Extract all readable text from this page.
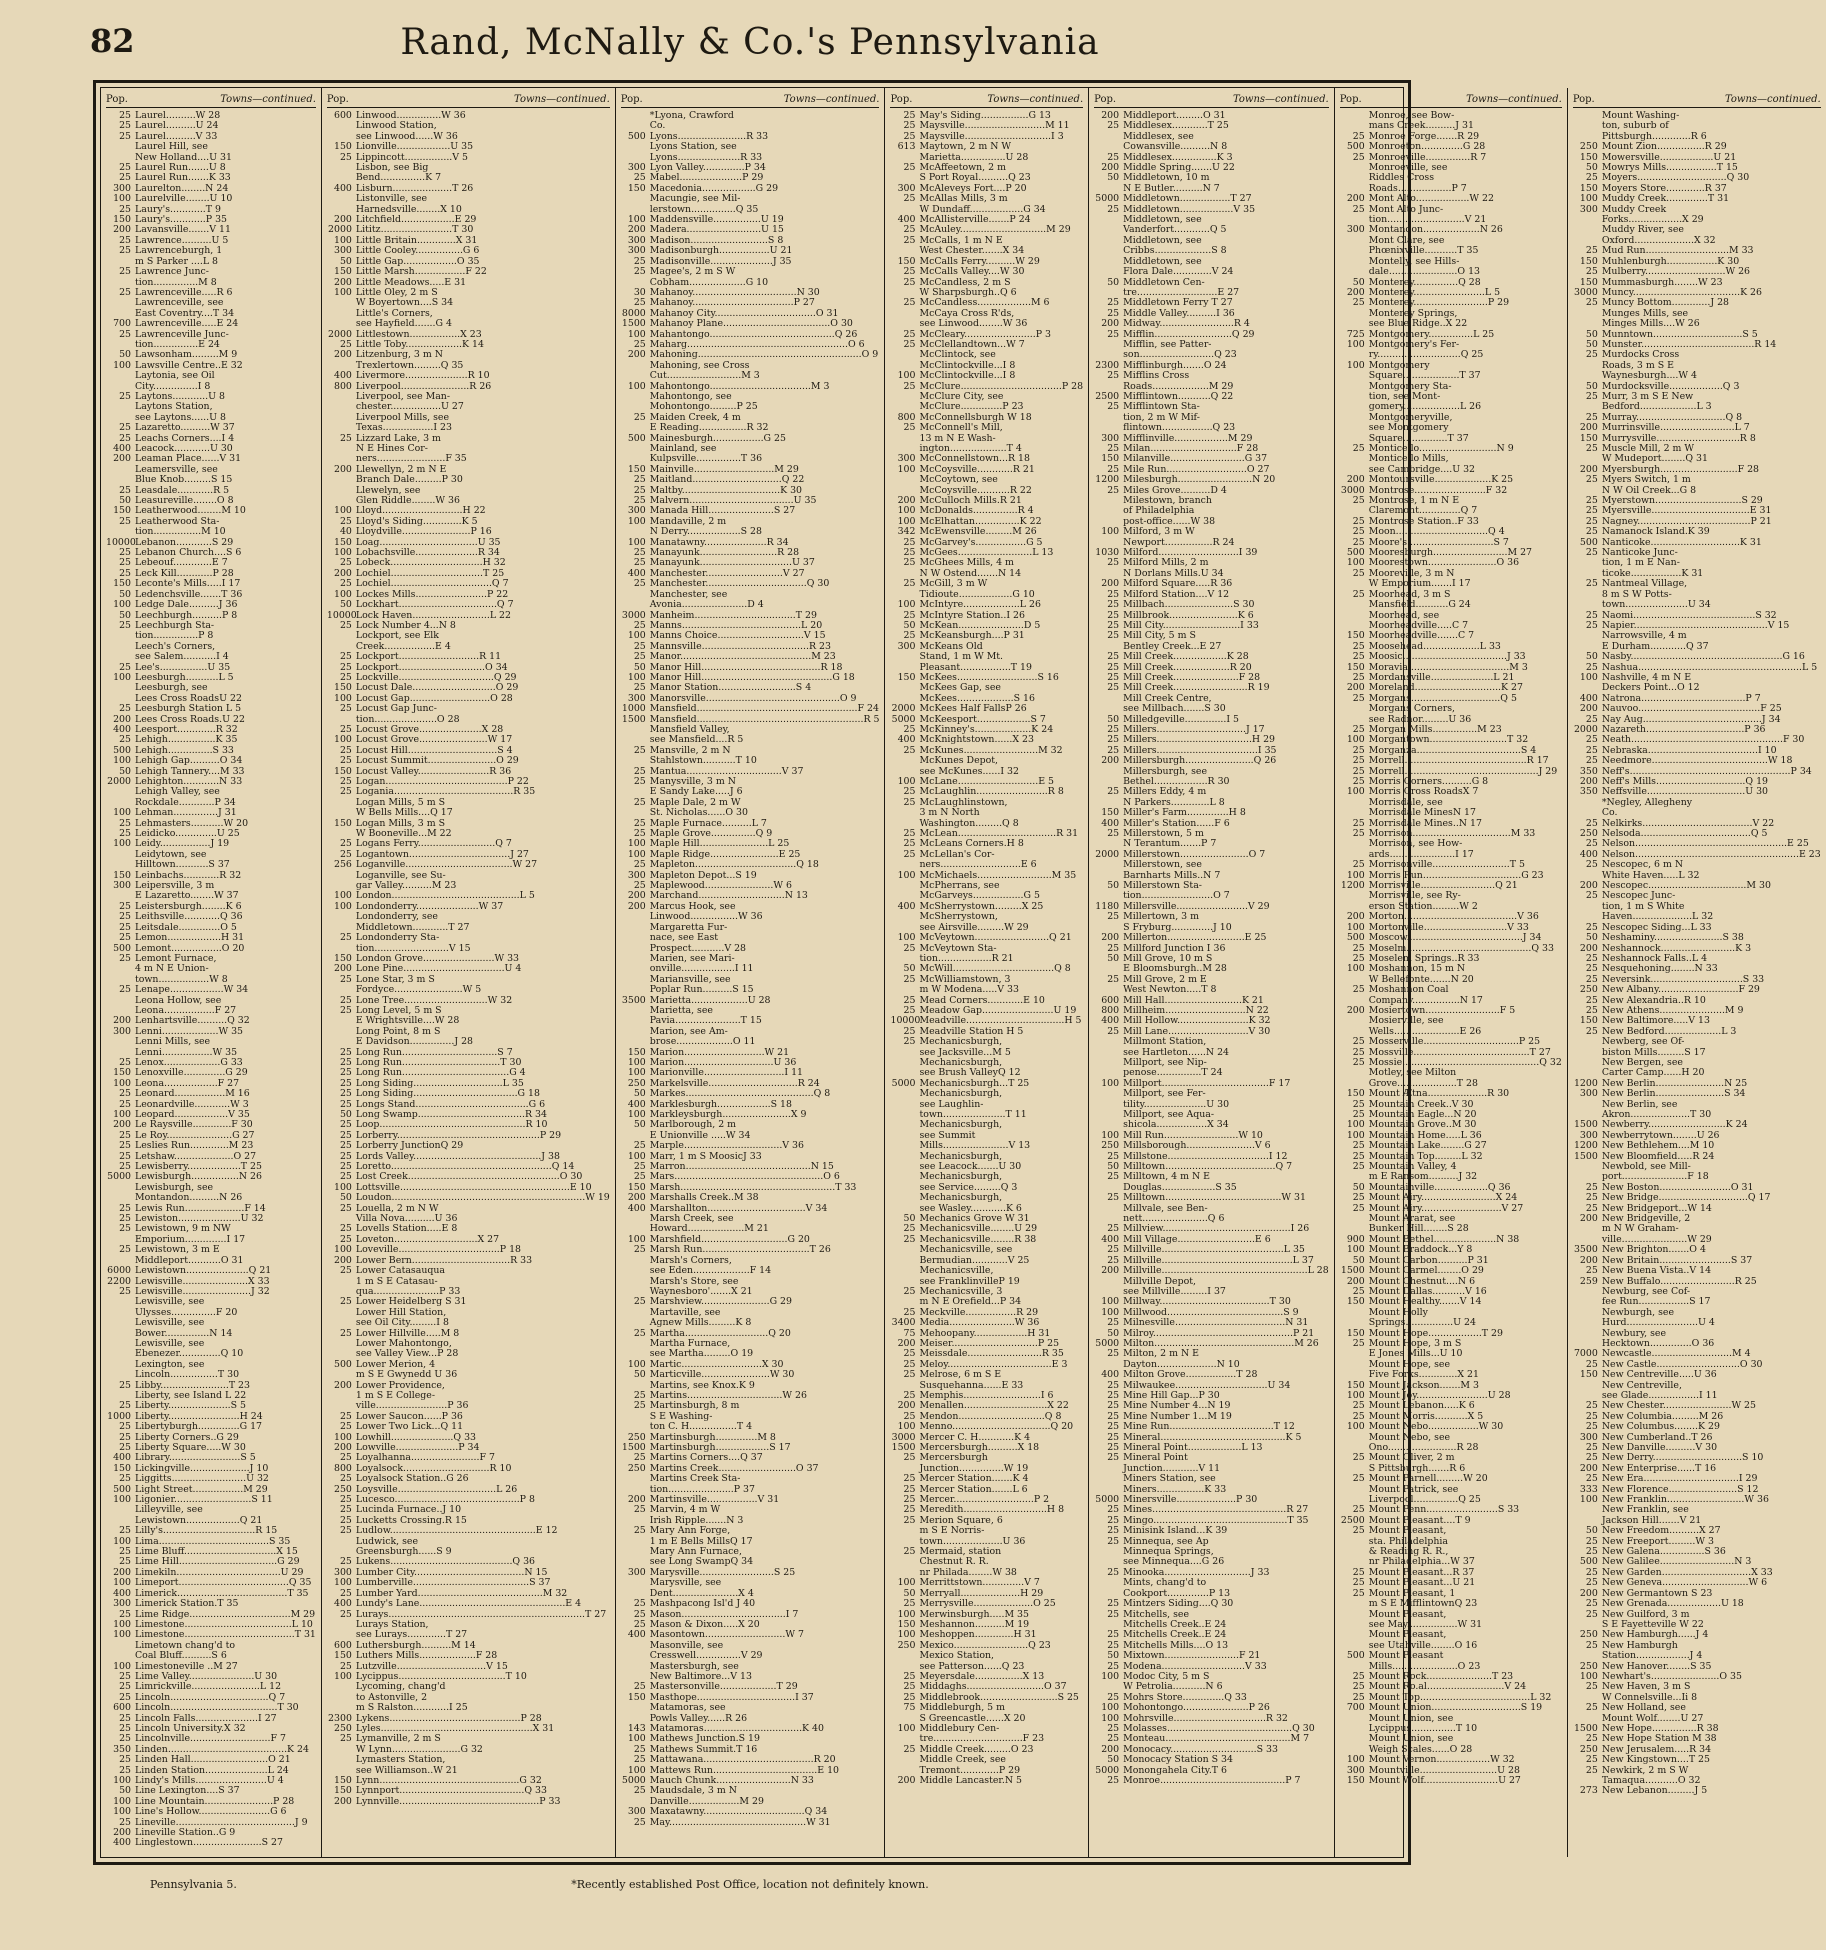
82	Rand, McNally & Co.'s Pennsylvania
Pop.	Towns—continued.
25 Laurel..........W 28
25 Laurel..........U 24
25 Laurel..........V 33
Laurel Hill, see
New Holland....U 31
25 Laurel Run.......U 8
25 Laurel Run.......K 33
300 Laurelton........N 24
100 Laurelville........U 10
25 Laury's............T 9
150 Laury's............P 35
200 Lavansville.......V 11
25 Lawrence..........U 5
25 Lawrenceburgh, 1
m S Parker ....L 8
25 Lawrence Junc-
tion...............M 8
25 Lawrenceville.....R 6
Lawrenceville, see
East Coventry....T 34
700 Lawrenceville.....E 24
25 Lawrenceville Junc-
tion...............E 24
50 Lawsonham.........M 9
100 Lawsville Centre..E 32
Laytonia, see Oil
City...............I 8
25 Laytons............U 8
Laytons Station,
see Laytons......U 8
25 Lazaretto..........W 37
25 Leachs Corners....I 4
400 Leacock............U 30
200 Leaman Place......V 31
Leamersville, see
Blue Knob.........S 15
25 Leasdale............R 5
50 Leasureville........O 8
150 Leatherwood........M 10
25 Leatherwood Sta-
tion................M 10
10000 Lebanon............S 29
25 Lebanon Church....S 6
25 Lebeouf.............E 7
25 Leck Kill............P 28
150 Leconte's Mills.....I 17
50 Ledenchsville.......T 36
100 Ledge Dale..........J 36
50 Leechburgh..........P 8
25 Leechburgh Sta-
tion...............P 8
Leech's Corners,
see Salem...........I 4
25 Lee's................U 35
100 Leesburgh...........L 5
Leesburgh, see
Lees Cross RoadsU 22
25 Leesburgh Station L 5
200 Lees Cross Roads.U 22
400 Leesport.............R 32
25 Lehigh................K 35
500 Lehigh...............S 33
100 Lehigh Gap..........O 34
50 Lehigh Tannery....M 33
2000 Lehighton............N 33
Lehigh Valley, see
Rockdale............P 34
100 Lehman...............J 31
25 Lehmasters...........W 20
25 Leidicko..............U 25
100 Leidy.................J 19
Leidytown, see
Hilltown...........S 37
150 Leinbachs............R 32
300 Leipersville, 3 m
E Lazaretto........W 37
25 Leistersburgh........K 6
25 Leithsville............Q 36
25 Leitsdale..............O 5
25 Lemon..................H 31
500 Lemont.................O 20
25 Lemont Furnace,
4 m N E Union-
town.................W 8
25 Lenape..................W 34
Leona Hollow, see
Leona.................F 27
200 Lenhartsville..........Q 32
300 Lenni...................W 35
Lenni Mills, see
Lenni.................W 35
25 Lenox...................G 33
150 Lenoxville..............G 29
100 Leona..................F 27
25 Leonard.................M 16
25 Leonardville............W 3
100 Leopard..................V 35
200 Le Raysville.............F 30
25 Le Roy......................G 27
25 Leslies Run.............M 23
25 Letshaw....................O 27
25 Lewisberry..................T 25
5000 Lewisburgh................N 26
Lewisburgh, see
Montandon..........N 26
25 Lewis Run....................F 14
25 Lewiston.....................U 32
25 Lewistown, 9 m NW
Emporium..............I 17
25 Lewistown, 3 m E
Middleport...........O 31
6000 Lewistown.....................Q 21
2200 Lewisville......................X 33
25 Lewisville.......................J 32
Lewisville, see
Ulysses...............F 20
Lewisville, see
Bower...............N 14
Lewisville, see
Ebenezer..............Q 10
Lexington, see
Lincoln................T 30
25 Libby.......................T 23
Liberty, see Island L 22
25 Liberty.....................S 5
1000 Liberty........................H 24
25 Libertyburgh..............G 17
25 Liberty Corners..G 29
25 Liberty Square.....W 30
400 Library........................S 5
150 Lickingville....................J 10
25 Liggitts.........................U 32
500 Light Street.................M 29
100 Ligonier..........................S 11
Lilleyville, see
Lewistown..................Q 21
25 Lilly's...............................R 15
100 Lima.....................................S 35
25 Lime Bluff...............................X 15
25 Lime Hill.................................G 29
200 Limekiln...................................U 29
100 Limeport.....................................Q 35
400 Limerick.....................................T 35
300 Limerick Station.T 35
25 Lime Ridge..................................M 29
100 Limestone....................................L 10
100 Limestone.....................................T 31
Limetown chang'd to
Coal Bluff..........S 6
100 Limestoneville ..M 27
25 Lime Valley......................U 30
25 Limrickville.......................L 12
25 Lincoln.................................Q 7
600 Lincoln....................................T 30
25 Lincoln Falls.....................I 27
25 Lincoln University.X 32
25 Lincolnville...........................F 7
350 Linden........................................K 24
25 Linden Hall..........................O 21
25 Linden Station.....................L 24
100 Lindy's Mills........................U 4
50 Line Lexington....S 37
100 Line Mountain.......................P 28
100 Line's Hollow........................G 6
25 Lineville........................................J 9
200 Lineville Station..G 9
400 Linglestown.......................S 27
Pop.	Towns—continued.
600 Linwood...............W 36
Linwood Station,
see Linwood......W 36
150 Lionville..................U 35
25 Lippincott................V 5
Lisbon, see Big
Bend...............K 7
400 Lisburn....................T 26
Listonville, see
Harnedsville........X 10
200 Litchfield..................E 29
2000 Lititz........................T 30
100 Little Britain.............X 31
300 Little Cooley................G 6
50 Little Gap..................O 35
150 Little Marsh.................F 22
200 Little Meadows.....E 31
100 Little Oley, 2 m S
W Boyertown....S 34
Little's Corners,
see Hayfield.......G 4
2000 Littlestown.................X 23
25 Little Toby...................K 14
200 Litzenburg, 3 m N
Trexlertown.........Q 35
400 Livermore.....................R 10
800 Liverpool.......................R 26
Liverpool, see Man-
chester.................U 27
Liverpool Mills, see
Texas.................I 23
25 Lizzard Lake, 3 m
N E Hines Cor-
ners.......................F 35
200 Llewellyn, 2 m N E
Branch Dale.........P 30
Llewelyn, see
Glen Riddle........W 36
100 Lloyd...........................H 22
25 Lloyd's Siding.............K 5
40 Lloydville.......................P 16
150 Loag.................................U 35
100 Lobachsville.....................R 34
25 Lobeck...............................H 32
200 Lochiel...............................T 25
25 Lochiel..................................Q 7
100 Lockes Mills........................P 22
50 Lockhart.................................Q 7
10000 Lock Haven..........................L 22
25 Lock Number 4...N 8
Lockport, see Elk
Creek.................E 4
25 Lockport...........................R 11
25 Lockport.............................O 34
25 Lockville................................Q 29
150 Locust Dale............................O 29
100 Locust Gap...........................O 28
25 Locust Gap Junc-
tion.....................O 28
25 Locust Grove.....................X 28
100 Locust Grove.......................W 17
25 Locust Hill..............................S 4
25 Locust Summit.......................O 29
150 Locust Valley........................R 36
25 Logan.........................................P 22
25 Logania........................................R 35
Logan Mills, 5 m S
W Bells Mills....Q 17
150 Logan Mills, 3 m S
W Booneville...M 22
25 Logans Ferry..........................Q 7
25 Logantown..................................J 27
256 Loganville....................................W 27
Loganville, see Su-
gar Valley..........M 23
100 London...........................................L 5
100 Londonderry.....................W 37
Londonderry, see
Middletown............T 27
25 Londonderry Sta-
tion.........................V 15
150 London Grove........................W 33
200 Lone Pine..................................U 4
25 Lone Star, 3 m S
Fordyce.......................W 5
25 Lone Tree............................W 32
25 Long Level, 5 m S
E Wrightsville....W 28
Long Point, 8 m S
E Davidson...............J 28
25 Long Run................................S 7
25 Long Run.................................T 30
25 Long Run....................................G 4
25 Long Siding..............................L 35
25 Long Siding...................................G 18
25 Longs Stand......................................G 6
50 Long Swamp....................................R 34
25 Loop.................................................R 10
25 Lorberry................................................P 29
25 Lorberry JunctionQ 29
25 Lords Valley...........................................J 38
25 Loretto......................................................Q 14
25 Lost Creek...................................................O 30
100 Lottsville.........................................................E 10
50 Loudon.................................................................W 19
25 Louella, 2 m N W
Villa Nova..........U 36
25 Lovells Station.....E 8
25 Loveton............................X 27
100 Loveville..................................P 18
200 Lower Bern.................................R 33
25 Lower Catasauqua
1 m S E Catasau-
qua......................P 33
25 Lower Heidelberg S 31
Lower Hill Station,
see Oil City.........I 8
25 Lower Hillville.....M 8
Lower Mahontongo,
see Valley View...P 28
500 Lower Merion, 4
m S E Gwynedd U 36
200 Lower Providence,
1 m S E College-
ville........................P 36
25 Lower Saucon......P 36
25 Lower Two Lick...Q 11
100 Lowhill.....................Q 33
200 Lowville.....................P 34
25 Loyalhanna.......................F 7
800 Loyalsock.............................R 10
25 Loyalsock Station..G 26
250 Loysville.................................L 26
25 Lucesco..........................................P 8
25 Lucinda Furnace..J 10
25 Lucketts Crossing.R 15
25 Ludlow.................................................E 12
Ludwick, see
Greensburgh......S 9
25 Lukens.........................................Q 36
300 Lumber City.....................................N 15
100 Lumberville.......................................S 37
25 Lumber Yard..........................................M 32
400 Lundy's Lane.................................................E 4
25 Lurays..................................................................T 27
Lurays Station,
see Lurays.............T 27
600 Luthersburgh..........M 14
150 Luthers Mills...................F 28
25 Lutzville..............................V 15
100 Lycippus....................................T 10
Lycoming, chang'd
to Astonville, 2
m S Ralston............I 25
2300 Lykens............................................P 28
250 Lyles...................................................X 31
25 Lymanville, 2 m S
W Lynn.......................G 32
Lymasters Station,
see Williamson..W 21
150 Lynn...............................................G 32
150 Lynnport..........................................Q 33
200 Lynnville...............................................P 33
Pop.	Towns—continued.
*Lyona, Crawford
Co.
500 Lyons.......................R 33
Lyons Station, see
Lyons.....................R 33
300 Lyon Valley..............P 34
25 Mabel.....................P 29
150 Macedonia..................G 29
Macungie, see Mil-
lerstown...............Q 35
100 Maddensville................U 19
200 Madera.........................U 15
300 Madison..........................S 8
300 Madisonburgh.................U 21
25 Madisonville.....................J 35
25 Magee's, 2 m S W
Cobham...................G 10
30 Mahanoy...................................N 30
25 Mahanoy..................................P 27
8000 Mahanoy City..................................O 31
1500 Mahanoy Plane....................................O 30
100 Mahantongo..........................................Q 26
25 Maharg......................................................O 6
200 Mahoning.......................................................O 9
Mahoning, see Cross
Cut.........................M 3
100 Mahontongo..................................M 3
Mahontongo, see
Mohontongo.........P 25
25 Maiden Creek, 4 m
E Reading................R 32
500 Mainesburgh.................G 25
Mainland, see
Kulpsville...............T 36
150 Mainville...........................M 29
25 Maitland..............................Q 22
25 Maltby.................................K 30
25 Malvern...................................U 35
300 Manada Hill......................S 27
100 Mandaville, 2 m
N Derry..................S 28
100 Manatawny.....................R 34
25 Manayunk..........................R 28
25 Manayunk...............................U 37
400 Manchester..........................V 27
25 Manchester..................................Q 30
Manchester, see
Avonia......................D 4
3000 Manheim..................................T 29
25 Manns........................................L 20
100 Manns Choice.............................V 15
25 Mannsville....................................R 23
25 Manor............................................M 23
50 Manor Hill........................................R 18
100 Manor Hill............................................G 18
25 Manor Station..........................S 4
300 Manorsville.............................................O 9
1000 Mansfield......................................................F 24
1500 Mansfield........................................................R 5
Mansfield Valley,
see Mansfield....R 5
25 Mansville, 2 m N
Stahlstown...........T 10
25 Mantua................................V 37
25 Manysville, 3 m N
E Sandy Lake.....J 6
25 Maple Dale, 2 m W
St. Nicholas......O 30
25 Maple Furnace..........L 7
25 Maple Grove...............Q 9
100 Maple Hill.......................L 25
100 Maple Ridge.......................E 25
25 Mapleton..................................Q 18
300 Mapleton Depot...S 19
25 Maplewood.......................W 6
200 Marchand.............................N 13
200 Marcus Hook, see
Linwood................W 36
Margaretta Fur-
nace, see East
Prospect...........V 28
Marien, see Mari-
onville..................I 11
Mariansville, see
Poplar Run..........S 15
3500 Marietta...................U 28
Marietta, see
Pavia......................T 15
Marion, see Am-
brose...................O 11
150 Marion...........................W 21
100 Marion..............................U 36
100 Marionville...........................I 11
250 Markelsville..............................R 24
50 Markes...........................................Q 8
400 Marklesburgh..................S 18
100 Markleysburgh.......................X 9
50 Marlborough, 2 m
E Unionville .....W 34
25 Marple.................................V 36
100 Marr, 1 m S MoosicJ 33
25 Marron..........................................N 15
25 Mars..................................................O 6
150 Marsh....................................................T 33
200 Marshalls Creek..M 38
400 Marshallton.................................V 34
Marsh Creek, see
Howard...................M 21
100 Marshfield.............................G 20
25 Marsh Run....................................T 26
Marsh's Corners,
see Eden...................F 14
Marsh's Store, see
Waynesboro'.......X 21
25 Marshview.......................G 29
Martaville, see
Agnew Mills.........K 8
25 Martha............................Q 20
Martha Furnace,
see Martha.........O 19
100 Martic...........................X 30
50 Marticville.......................W 30
Martins, see Knox.K 9
25 Martins................................W 26
25 Martinsburgh, 8 m
S E Washing-
ton C. H................T 4
250 Martinsburgh..............M 8
1500 Martinsburgh..................S 17
25 Martins Corners....Q 37
250 Martins Creek..........................O 37
Martins Creek Sta-
tion......................P 37
200 Martinsville.................V 31
25 Marvin, 4 m W
Irish Ripple.......N 3
25 Mary Ann Forge,
1 m E Bells MillsQ 17
Mary Ann Furnace,
see Long SwampQ 34
300 Marysville.........................S 25
Marysville, see
Dent......................X 4
25 Mashpacong Isl'd J 40
25 Mason...................................I 7
25 Mason & Dixon.....X 20
400 Masontown...........................W 7
Masonville, see
Cresswell...............V 29
Mastersburgh, see
New Baltimore...V 13
25 Mastersonville...................T 29
150 Masthope.................................I 37
Matamoras, see
Powls Valley......R 26
143 Matamoras.................................K 40
100 Mathews Junction.S 19
25 Mathews Summit.T 16
25 Mattawana.....................................R 20
100 Mattews Run...................................E 10
5000 Mauch Chunk.........................N 33
25 Maudsdale, 3 m N
Danville.................M 29
300 Maxatawny..................................Q 34
25 May..............................................W 31
Pop.	Towns—continued.
25 May's Siding................G 13
25 Maysville...........................M 11
25 Maysville.............................I 3
613 Maytown, 2 m N W
Marietta...............U 28
25 McAffeetown, 2 m
S Port Royal..........Q 23
300 McAleveys Fort....P 20
25 McAllas Mills, 3 m
W Dundaff..................G 34
400 McAllisterville.......P 24
25 McAuley.............................M 29
25 McCalls, 1 m N E
West Chester.......X 34
150 McCalls Ferry..........W 29
25 McCalls Valley....W 30
25 McCandless, 2 m S
W Sharpsburgh..Q 6
25 McCandless..................M 6
McCaya Cross R'ds,
see Linwood........W 36
25 McCleary........................P 3
25 McClellandtown...W 7
McClintock, see
McClintockville...I 8
100 McClintockville...I 8
25 McClure..................................P 28
McClure City, see
McClure..............P 23
800 McConnellsburgh W 18
25 McConnell's Mill,
13 m N E Wash-
ington...................T 4
300 McConnellstown...R 18
100 McCoysville............R 21
McCoytown, see
McCoysville...........R 22
200 McCulloch Mills.R 21
100 McDonalds...............R 4
100 McElhattan...............K 22
342 McEwensville.........M 26
25 McGarvey's.................G 5
25 McGees.........................L 13
25 McGhees Mills, 4 m
N W Ostend.......N 14
25 McGill, 3 m W
Tidioute..................G 10
100 McIntyre...................L 26
25 McIntyre Station..I 26
50 McKean......................D 5
25 McKeansburgh....P 31
300 McKeans Old
Stand, 1 m W Mt.
Pleasant.................T 19
150 McKees...........................S 16
McKees Gap, see
McKees...................S 16
2000 McKees Half FallsP 26
5000 McKeesport..................S 7
25 McKinney's...................K 24
400 McKnightstown......X 23
25 McKunes.........................M 32
McKunes Depot,
see McKunes......I 32
100 McLane...........................E 5
25 McLaughlin........................R 8
25 McLaughlinstown,
3 m N North
Washington.........Q 8
25 McLean.................................R 31
25 McLeans Corners.H 8
25 McLellan's Cor-
ners...........................E 6
100 McMichaels.........................M 35
McPherrans, see
McGarveys.................G 5
400 McSherrystown.........X 25
McSherrystown,
see Airsville.........W 29
100 McVeytown.........................Q 21
25 McVeytown Sta-
tion..................R 21
50 McWill..................................Q 8
25 McWilliamstown, 3
m W Modena.....V 33
25 Mead Corners............E 10
25 Meadow Gap........................U 19
10000 Meadville.................................H 5
25 Meadville Station H 5
25 Mechanicsburgh,
see Jacksville...M 5
Mechanicsburgh,
see Brush ValleyQ 12
5000 Mechanicsburgh...T 25
Mechanicsburgh,
see Laughlin-
town.....................T 11
Mechanicsburgh,
see Summit
Mills......................V 13
Mechanicsburgh,
see Leacock.......U 30
Mechanicsburgh,
see Service.........Q 3
Mechanicsburgh,
see Wasley............K 6
50 Mechanics Grove W 31
25 Mechanicsville........U 29
25 Mechanicsville........R 38
Mechanicsville, see
Bermudian............V 25
Mechanicsville,
see FranklinvilleP 19
25 Mechanicsville, 3
m N E Orefield...P 34
25 Meckville.................R 29
3400 Media......................W 36
75 Mehoopany..................H 31
200 Meiser.............................P 25
25 Meissdale.........................R 35
25 Meloy...................................E 3
25 Melrose, 6 m S E
Susquehanna......E 33
25 Memphis..........................I 6
200 Menallen............................X 22
25 Mendon.............................Q 8
100 Menno.................................Q 20
3000 Mercer C. H............K 4
1500 Mercersburgh..........X 18
25 Mercersburgh
Junction...............W 19
25 Mercer Station.......K 4
25 Mercer Station.......L 6
25 Mercer...........................P 2
25 Meredith............................H 8
25 Merion Square, 6
m S E Norris-
town....................U 36
25 Mermaid, station
Chestnut R. R.
nr Philada........W 38
100 Merrittstown..............V 7
50 Merryall....................H 29
25 Merrysville....................O 25
100 Merwinsburgh.....M 35
150 Meshannon..........M 19
100 Meshoppen.............H 31
250 Mexico.........................Q 23
Mexico Station,
see Patterson......Q 23
25 Meyersdale................X 13
25 Middaghs..........................O 37
25 Middlebrook..........................S 25
75 Middleburgh, 5 m
S Greencastle......X 20
100 Middlebury Cen-
tre..............................F 23
25 Middle Creek.........O 23
Middle Creek, see
Tremont.............P 29
200 Middle Lancaster.N 5
Pop.	Towns—continued.
200 Middleport.........O 31
25 Middlesex............T 25
Middlesex, see
Cowansville..........N 8
25 Middlesex...............K 3
200 Middle Spring.......U 22
50 Middletown, 10 m
N E Butler..........N 7
5000 Middletown.................T 27
25 Middletown..................V 35
Middletown, see
Vanderfort............Q 5
Middletown, see
Cribbs...................S 8
Middletown, see
Flora Dale.............V 24
50 Middletown Cen-
tre...........................E 27
25 Middletown Ferry T 27
25 Middle Valley..........I 36
200 Midway.........................R 4
25 Mifflin..........................Q 29
Mifflin, see Patter-
son.........................Q 23
2300 Mifflinburgh.......O 24
25 Mifflins Cross
Roads...................M 29
2500 Mifflintown...........Q 22
25 Mifflintown Sta-
tion, 2 m W Mif-
flintown.................Q 23
300 Mifflinville..................M 29
25 Milan.............................F 28
150 Milanville.........................G 37
25 Mile Run...........................O 27
1200 Milesburgh.........................N 20
25 Miles Grove..........D 4
Milestown, branch
of Philadelphia
post-office......W 38
100 Milford, 3 m W
Newport................R 24
1030 Milford...........................I 39
25 Milford Mills, 2 m
N Dorlans Mills.U 34
200 Milford Square.....R 36
25 Milford Station....V 12
25 Millbach.......................S 30
25 Millbrook.......................K 6
25 Mill City..........................I 33
25 Mill City, 5 m S
Bentley Creek...E 27
25 Mill Creek..................K 28
25 Mill Creek...................R 20
25 Mill Creek......................F 28
25 Mill Creek.........................R 19
Mill Creek Centre,
see Millbach.......S 30
50 Milledgeville..............I 5
25 Millers..............................J 17
25 Millers................................H 29
25 Millers..................................I 35
200 Millersburgh.......................Q 26
Millersburgh, see
Bethel..................R 30
25 Millers Eddy, 4 m
N Parkers.............L 8
150 Miller's Farm..............H 8
400 Miller's Station......F 6
25 Millerstown, 5 m
N Terantum.......P 7
2000 Millerstown.......................O 7
Millerstown, see
Barnharts Mills..N 7
50 Millerstown Sta-
tion........................O 7
1180 Millersville........................V 29
25 Millertown, 3 m
S Fryburg..............J 10
200 Millerton..........................E 25
25 Millford Junction I 36
50 Mill Grove, 10 m S
E Bloomsburgh..M 28
25 Mill Grove, 2 m E
West Newton.....T 8
600 Mill Hall..........................K 21
800 Millheim...........................N 22
400 Mill Hollow........................K 32
25 Mill Lane...........................V 30
Millmont Station,
see Hartleton......N 24
Millport, see Nip-
penose...............T 24
100 Millport....................................F 17
Millport, see Fer-
tility.....................U 30
Millport, see Aqua-
shicola.................X 34
100 Mill Run.........................W 10
250 Millsborough.......................V 6
25 Millstone..................................I 12
50 Milltown.....................................Q 7
25 Milltown, 4 m N E
Douglas..................S 35
25 Milltown.......................................W 31
Millvale, see Ben-
nett......................Q 6
25 Millview...........................................I 26
400 Mill Village..........................E 6
25 Millville.........................................L 35
25 Millville............................................L 37
200 Millville.................................................L 28
Millville Depot,
see Millville.........I 37
100 Millway.....................................T 30
100 Millwood.......................................S 9
25 Milnesville.....................................N 31
50 Milroy...............................................P 21
5000 Milton...............................................M 26
25 Milton, 2 m N E
Dayton....................N 10
400 Milton Grove.................T 28
25 Milwaukee...............................U 34
25 Mine Hill Gap...P 30
25 Mine Number 4...N 19
25 Mine Number 1...M 19
25 Mine Run...................................T 12
25 Mineral..........................................K 5
25 Mineral Point..................L 13
25 Mineral Point
Junction............V 11
Miners Station, see
Miners................K 33
5000 Minersville....................P 30
25 Mines.............................................R 27
25 Mingo.............................................T 35
25 Minisink Island...K 39
25 Minnequa, see Ap
Minnequa Springs,
see Minnequa....G 26
25 Minooka.............................J 33
Mints, chang'd to
Cookport..............P 13
25 Mintzers Siding....Q 30
25 Mitchells, see
Mitchells Creek..E 24
25 Mitchells Creek..E 24
25 Mitchells Mills....O 13
50 Mixtown.........................F 21
25 Modena............................V 33
100 Modoc City, 5 m S
W Petrolia...........N 6
25 Mohrs Store..............Q 33
100 Mohontongo......................P 26
100 Mohrsville...............................R 32
25 Molasses..........................................Q 30
25 Monteau..........................................M 7
200 Monocacy.............................S 33
50 Monocacy Station S 34
5000 Monongahela City.T 6
25 Monroe..........................................P 7
Pop.	Towns—continued.
Monroe, see Bow-
mans Creek..........J 31
25 Monroe Forge.......R 29
500 Monroeton..............G 28
25 Monroeville...............R 7
Monroeville, see
Riddles Cross
Roads..................P 7
200 Mont Alto..................W 22
25 Mont Alto Junc-
tion..........................V 21
300 Montandon...................N 26
Mont Clare, see
Phœnixville...........T 35
Montelly, see Hills-
dale.......................O 13
50 Monterey...............Q 28
200 Monterey........................L 5
25 Monterey.........................P 29
Monterey Springs,
see Blue Ridge..X 22
725 Montgomery...............L 25
100 Montgomery's Fer-
ry............................Q 25
100 Montgomery
Square...................T 37
Montgomery Sta-
tion, see Mont-
gomery...................L 26
Montgomeryville,
see Montgomery
Square...............T 37
25 Monticello..........................N 9
Monticello Mills,
see Cambridge....U 32
200 Montoursville...................K 25
3000 Montrose........................F 32
25 Montrose, 1 m N E
Claremont..............Q 7
25 Montrose Station..F 33
25 Moon...............................Q 4
25 Moore's.............................S 7
500 Mooresburgh.........................M 27
100 Moorestown.......................O 36
25 Mooreville, 3 m N
W Emporium.......I 17
25 Moorhead, 3 m S
Mansfield...........G 24
Moorhead, see
Moorheadville.....C 7
150 Moorheadville.......C 7
25 Moosehead...................L 33
25 Moosic...................................J 33
150 Moravia..................................M 3
25 Mordansville.....................L 21
200 Moreland.............................K 27
25 Morgans..............................Q 5
Morgans Corners,
see Radnor.........U 36
25 Morgan Mills...............M 23
100 Morgantown..........................T 32
25 Morganza...................................S 4
25 Morrell.........................................R 17
25 Morrell.............................................J 29
25 Morris Corners..........G 8
100 Morris Cross RoadsX 7
Morrisdale, see
Morrisdale MinesN 17
25 Morrisdale Mines..N 17
25 Morrison.................................M 33
Morrison, see How-
ards......................I 17
25 Morrisonville..........................T 5
100 Morris Run.................................G 23
1200 Morrisville.........................Q 21
Morrisville, see Ry-
erson Station.........W 2
200 Morton......................................V 36
100 Mortonville............................V 33
500 Moscow.......................................J 34
25 Moselm..........................................Q 33
25 Moselem Springs..R 33
100 Moshannon, 15 m N
W Bellefonte.......N 20
25 Moshannon Coal
Company................N 17
200 Mosiertown.........................F 5
Mosierville, see
Wells......................E 26
25 Mosserville................................P 25
25 Mossville.......................................T 27
25 Mossie..............................................Q 32
Motley, see Milton
Grove....................T 28
150 Mount Ætna....................R 30
25 Mountain Creek..V 30
25 Mountain Eagle...N 20
100 Mountain Grove..M 30
100 Mountain Home.....L 36
25 Mountain Lake........G 27
25 Mountain Top.........L 32
25 Mountain Valley, 4
m E Ransom..........J 32
50 Mountainville..................Q 36
25 Mount Airy.........................X 24
25 Mount Airy...........................V 27
Mount Ararat, see
Bunker Hill........S 28
900 Mount Bethel.....................N 38
100 Mount Braddock...Y 8
50 Mount Carbon..........P 31
1500 Mount Carmel........O 29
200 Mount Chestnut....N 6
25 Mount Dallas...........V 16
150 Mount Healthy.......V 14
Mount Holly
Springs................U 24
150 Mount Hope..................T 29
25 Mount Hope, 3 m S
E Jones Mills...U 10
Mount Hope, see
Five Forks.............X 21
150 Mount Jackson.......M 3
100 Mount Joy........................U 28
25 Mount Lebanon.....K 6
25 Mount Morris...........X 5
100 Mount Nebo.................W 30
Mount Nebo, see
Ono.......................R 28
25 Mount Oliver, 2 m
S Pittsburgh.......R 6
25 Mount Parnell.........W 20
Mount Patrick, see
Liverpool...............Q 25
25 Mount Penn........................S 33
2500 Mount Pleasant....T 9
25 Mount Pleasant,
sta. Philadelphia
& Reading R. R.,
nr Philadelphia...W 37
25 Mount Pleasant...R 37
25 Mount Pleasant...U 21
25 Mount Pleasant, 1
m S E MifflintownQ 23
Mount Pleasant,
see May.................W 31
Mount Pleasant,
see Utahville........O 16
500 Mount Pleasant
Mills......................O 23
25 Mount Rock......................T 23
25 Mount Ro.al..........................V 24
25 Mount Top.....................................L 32
700 Mount Union..............................S 19
Mount Union, see
Lycippus...............T 10
Mount Union, see
Weigh Scales......O 28
100 Mount Vernon..................W 32
300 Mountville..........................U 28
150 Mount Wolf.........................U 27
Pop.	Towns—continued.
Mount Washing-
ton, suburb of
Pittsburgh.............R 6
250 Mount Zion................R 29
150 Mowersville..................U 21
50 Mowrys Mills.................T 15
25 Moyers..............................Q 30
150 Moyers Store.............R 37
100 Muddy Creek..............T 31
300 Muddy Creek
Forks..................X 29
Muddy River, see
Oxford....................X 32
25 Mud Run............................M 33
150 Muhlenburgh.................K 30
25 Mulberry...........................W 26
150 Mummasburgh........W 23
3000 Muncy....................................K 26
25 Muncy Bottom.............J 28
Munges Mills, see
Minges Mills....W 26
50 Munntown..............................S 5
50 Munster......................................R 14
25 Murdocks Cross
Roads, 3 m S E
Waynesburgh....W 4
50 Murdocksville..................Q 3
25 Murr, 3 m S E New
Bedford...................L 3
25 Murray..............................Q 8
200 Murrinsville.........................L 7
150 Murrysville............................R 8
25 Muscle Mill, 2 m W
W Mudeport........Q 31
200 Myersburgh..........................F 28
25 Myers Switch, 1 m
N W Oil Creek...G 8
25 Myerstown.............................S 29
25 Myersville.................................E 31
25 Nagney......................................P 21
25 Namanock Island.K 39
500 Nanticoke..............................K 31
25 Nanticoke Junc-
tion, 1 m E Nan-
ticoke.................K 31
25 Nantmeal Village,
8 m S W Potts-
town.....................U 34
25 Naomi.........................................S 32
25 Napier.............................................V 15
Narrowsville, 4 m
E Durham............Q 37
50 Nasby...................................................G 16
25 Nashua.......................................................L 5
100 Nashville, 4 m N E
Deckers Point...O 12
400 Natrona...................................P 7
200 Nauvoo.........................................F 25
25 Nay Aug........................................J 34
2000 Nazareth.................................P 36
25 Neath...................................................F 30
25 Nebraska.....................................I 10
25 Needmore.......................................W 18
350 Neff's......................................................P 34
200 Neff's Mills..............................Q 19
350 Neffsville.................................U 30
*Negley, Allegheny
Co.
25 Nelkirks.....................................V 22
250 Nelsoda.....................................Q 5
25 Nelson...................................................E 25
400 Nelson.......................................................E 23
25 Nescopec, 6 m N
White Haven.....L 32
200 Nescopec.................................M 30
25 Nescopec Junc-
tion, 1 m S White
Haven....................L 32
25 Nescopec Siding...L 33
50 Neshaminy.......................S 38
200 Neshannock.........................K 3
25 Neshannock Falls..L 4
25 Nesquehoning........N 33
25 Neversink...............................S 33
250 New Albany...........................F 29
25 New Alexandria..R 10
25 New Athens......................M 9
150 New Baltimore.....V 13
25 New Bedford...................L 3
Newberg, see Of-
biston Mills.........S 17
New Bergen, see
Carter Camp......H 20
1200 New Berlin.......................N 25
300 New Berlin.......................S 34
New Berlin, see
Akron....................T 30
1500 Newberry..........................K 24
300 Newberrytown........U 26
1200 New Bethlehem....M 10
1500 New Bloomfield.....R 24
Newbold, see Mill-
port......................F 18
25 New Boston........................O 31
25 New Bridge..............................Q 17
25 New Bridgeport...W 14
200 New Bridgeville, 2
m N W Graham-
ville......................W 29
3500 New Brighton.......O 4
200 New Britain........................S 37
25 New Buena Vista..V 14
259 New Buffalo.........................R 25
Newburg, see Cof-
fee Run.................S 17
Newburgh, see
Hurd........................U 4
Newbury, see
Hecktown..............O 36
7000 Newcastle...........................M 4
25 New Castle............................O 30
150 New Centreville.....U 36
New Centreville,
see Glade.................I 11
25 New Chester.......................W 25
25 New Columbia.........M 26
25 New Columbus........K 29
300 New Cumberland..T 26
25 New Danville..........V 30
25 New Derry..............................S 10
200 New Enterprise......T 16
25 New Era................................I 29
333 New Florence.......................S 12
100 New Franklin..........................W 36
New Franklin, see
Jackson Hill.......V 21
50 New Freedom..........X 27
25 New Freeport.........W 3
25 New Galena...............S 36
500 New Galilee.........................N 3
25 New Garden..............................X 33
25 New Geneva.............................W 6
200 New Germantown S 23
25 New Grenada..................U 18
25 New Guilford, 3 m
S E Fayetteville W 22
250 New Hamburgh......J 4
25 New Hamburgh
Station..................J 4
250 New Hanover........S 35
100 Newhart's.......................O 35
25 New Haven, 3 m S
W Connelsville...Ii 8
25 New Holland, see
Mount Wolf........U 27
1500 New Hope...............R 38
25 New Hope Station M 38
250 New Jerusalem.....R 34
25 New Kingstown....T 25
25 Newkirk, 2 m S W
Tamaqua...........O 32
273 New Lebanon.........J 5
Pennsylvania 5.	*Recently established Post Office, location not definitely known.
